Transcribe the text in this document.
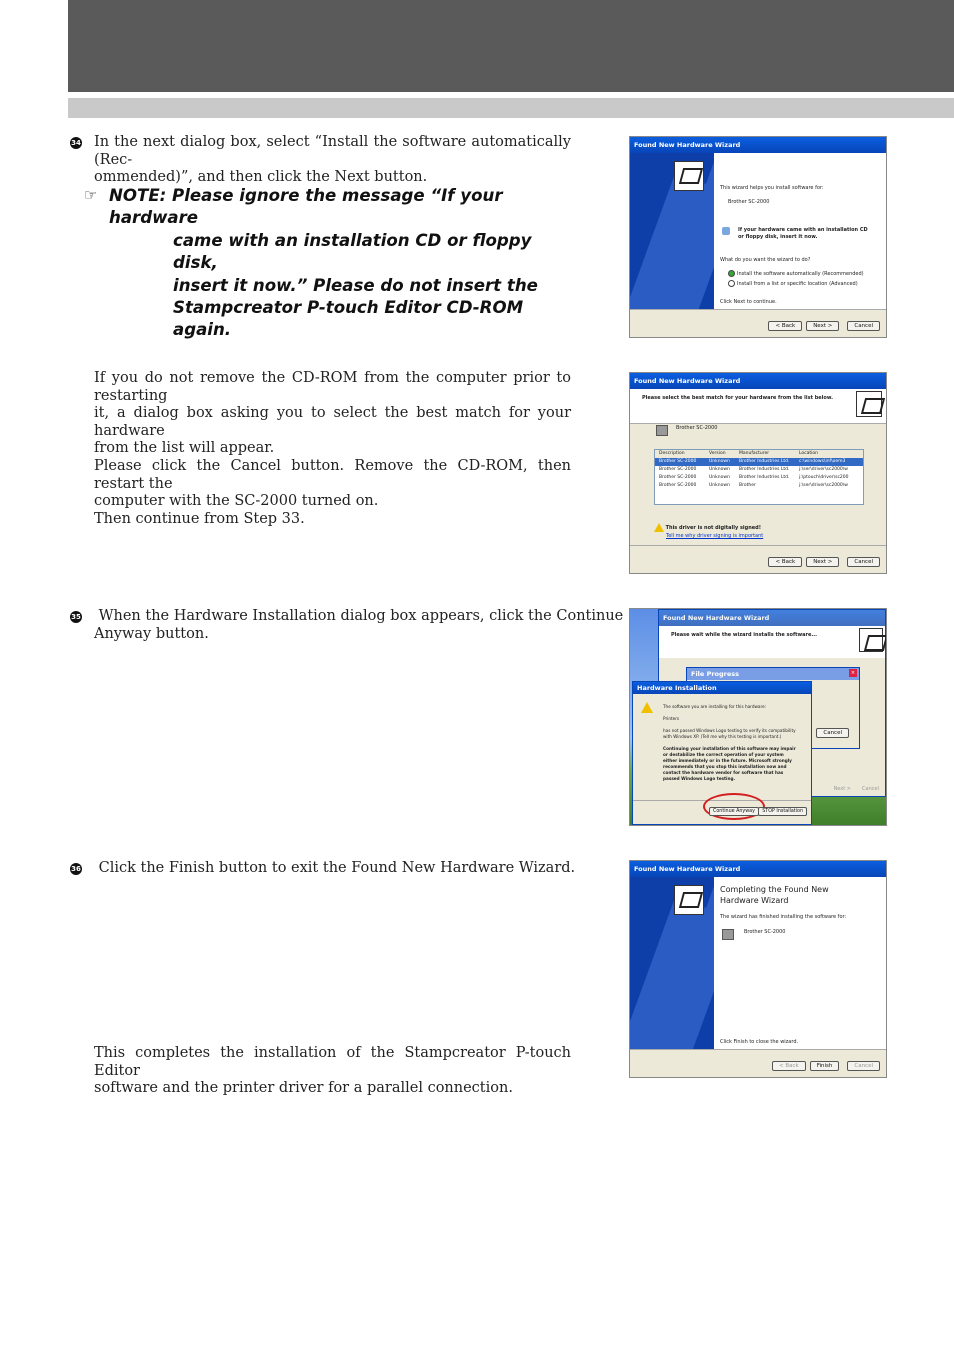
34 In the next dialog box, select “Install the software automatically (Rec-
ommended)”, and then click the Next button.
☞ NOTE: Please ignore the message “If your hardware
came with an installation CD or floppy disk,
insert it now.” Please do not insert the
Stampcreator P-touch Editor CD-ROM
again.
If you do not remove the CD-ROM from the computer prior to restarting
it, a dialog box asking you to select the best match for your hardware
from the list will appear.
Please click the Cancel button. Remove the CD-ROM, then restart the
computer with the SC-2000 turned on.
Then continue from Step 33.
35 When the Hardware Installation dialog box appears, click the Continue
Anyway button.
36 Click the Finish button to exit the Found New Hardware Wizard.
This completes the installation of the Stampcreator P-touch Editor
software and the printer driver for a parallel connection.
Found New Hardware Wizard
This wizard helps you install software for:
Brother SC-2000
If your hardware came with an installation CD
or floppy disk, insert it now.
What do you want the wizard to do?
Install the software automatically (Recommended)
Install from a list or specific location (Advanced)
Click Next to continue.
< Back	Next >	Cancel
Found New Hardware Wizard
Please select the best match for your hardware from the list below.
Brother SC-2000
Description	Version	Manufacturer	Location
Brother SC-2000	Unknown	Brother Industries Ltd.	c:\windows\inf\oem3
Brother SC-2000	Unknown	Brother Industries Ltd.	j:\ser\driver\sc2000\w
Brother SC-2000	Unknown	Brother Industries Ltd.	j:\ptouch\driver\sc200
Brother SC-2000	Unknown	Brother	j:\ser\driver\sc2000\w
This driver is not digitally signed!
Tell me why driver signing is important
< Back	Next >	Cancel
Found New Hardware Wizard
Please wait while the wizard installs the software...
Cancel
Next >
File Progress	×
Cancel
Hardware Installation
The software you are installing for this hardware:
Printers
has not passed Windows Logo testing to verify its compatibility
with Windows XP. (Tell me why this testing is important.)
Continuing your installation of this software may impair
or destabilize the correct operation of your system
either immediately or in the future. Microsoft strongly
recommends that you stop this installation now and
contact the hardware vendor for software that has
passed Windows Logo testing.
Continue Anyway	STOP Installation
Found New Hardware Wizard
Completing the Found New
Hardware Wizard
The wizard has finished installing the software for:
Brother SC-2000
Click Finish to close the wizard.
< Back	Finish	Cancel
